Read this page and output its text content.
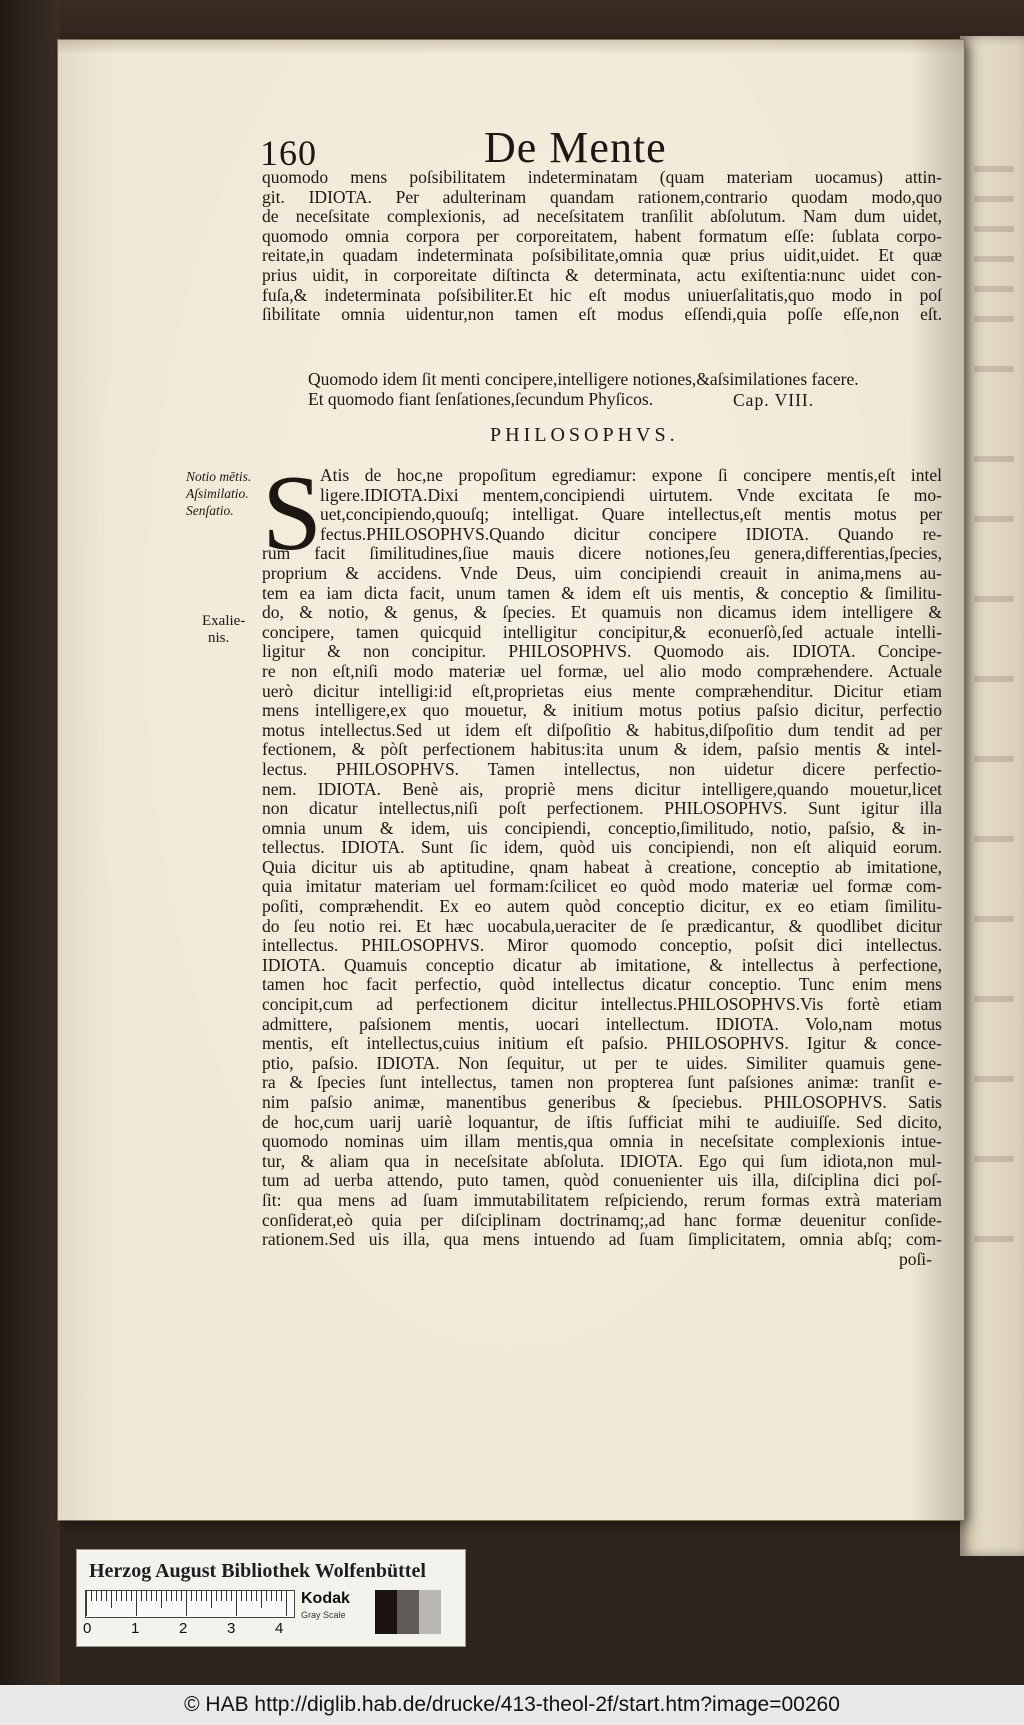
160	De Mente
quomodo mens poſsibilitatem indeterminatam (quam materiam uocamus) attin-
git. IDIOTA. Per adulterinam quandam rationem,contrario quodam modo,quo
de neceſsitate complexionis, ad neceſsitatem tranſilit abſolutum. Nam dum uidet,
quomodo omnia corpora per corporeitatem, habent formatum eſſe: ſublata corpo-
reitate,in quadam indeterminata poſsibilitate,omnia quæ prius uidit,uidet. Et quæ
prius uidit, in corporeitate diſtincta & determinata, actu exiſtentia:nunc uidet con-
fuſa,& indeterminata poſsibiliter.Et hic eſt modus uniuerſalitatis,quo modo in poſ
ſibilitate omnia uidentur,non tamen eſt modus eſſendi,quia poſſe eſſe,non eſt.
Quomodo idem ſit menti concipere,intelligere notiones,&aſsimilationes facere.
Et quomodo fiant ſenſationes,ſecundum Phyſicos.	Cap. VIII.
PHILOSOPHVS.
Notio mētis.
Aſsimilatio.
Senſatio.
Exalie-
nis.
S
Atis de hoc,ne propoſitum egrediamur: expone ſi concipere mentis,eſt intel
ligere.IDIOTA.Dixi mentem,concipiendi uirtutem. Vnde excitata ſe mo-
uet,concipiendo,quouſq; intelligat. Quare intellectus,eſt mentis motus per
fectus.PHILOSOPHVS.Quando dicitur concipere IDIOTA. Quando re-
rum facit ſimilitudines,ſiue mauis dicere notiones,ſeu genera,differentias,ſpecies,
proprium & accidens. Vnde Deus, uim concipiendi creauit in anima,mens au-
tem ea iam dicta facit, unum tamen & idem eſt uis mentis, & conceptio & ſimilitu-
do, & notio, & genus, & ſpecies. Et quamuis non dicamus idem intelligere &
concipere, tamen quicquid intelligitur concipitur,& econuerſò,ſed actuale intelli-
ligitur & non concipitur. PHILOSOPHVS. Quomodo ais. IDIOTA. Concipe-
re non eſt,niſi modo materiæ uel formæ, uel alio modo compræhendere. Actuale
uerò dicitur intelligi:id eſt,proprietas eius mente compræhenditur. Dicitur etiam
mens intelligere,ex quo mouetur, & initium motus potius paſsio dicitur, perfectio
motus intellectus.Sed ut idem eſt diſpoſitio & habitus,diſpoſitio dum tendit ad per
fectionem, & pòſt perfectionem habitus:ita unum & idem, paſsio mentis & intel-
lectus. PHILOSOPHVS. Tamen intellectus, non uidetur dicere perfectio-
nem. IDIOTA. Benè ais, propriè mens dicitur intelligere,quando mouetur,licet
non dicatur intellectus,niſi poſt perfectionem. PHILOSOPHVS. Sunt igitur illa
omnia unum & idem, uis concipiendi, conceptio,ſimilitudo, notio, paſsio, & in-
tellectus. IDIOTA. Sunt ſic idem, quòd uis concipiendi, non eſt aliquid eorum.
Quia dicitur uis ab aptitudine, qnam habeat à creatione, conceptio ab imitatione,
quia imitatur materiam uel formam:ſcilicet eo quòd modo materiæ uel formæ com-
poſiti, compræhendit. Ex eo autem quòd conceptio dicitur, ex eo etiam ſimilitu-
do ſeu notio rei. Et hæc uocabula,ueraciter de ſe prædicantur, & quodlibet dicitur
intellectus. PHILOSOPHVS. Miror quomodo conceptio, poſsit dici intellectus.
IDIOTA. Quamuis conceptio dicatur ab imitatione, & intellectus à perfectione,
tamen hoc facit perfectio, quòd intellectus dicatur conceptio. Tunc enim mens
concipit,cum ad perfectionem dicitur intellectus.PHILOSOPHVS.Vis fortè etiam
admittere, paſsionem mentis, uocari intellectum. IDIOTA. Volo,nam motus
mentis, eſt intellectus,cuius initium eſt paſsio. PHILOSOPHVS. Igitur & conce-
ptio, paſsio. IDIOTA. Non ſequitur, ut per te uides. Similiter quamuis gene-
ra & ſpecies ſunt intellectus, tamen non propterea ſunt paſsiones animæ: tranſit e-
nim paſsio animæ, manentibus generibus & ſpeciebus. PHILOSOPHVS. Satis
de hoc,cum uarij uariè loquantur, de iſtis ſufficiat mihi te audiuiſſe. Sed dicito,
quomodo nominas uim illam mentis,qua omnia in neceſsitate complexionis intue-
tur, & aliam qua in neceſsitate abſoluta. IDIOTA. Ego qui ſum idiota,non mul-
tum ad uerba attendo, puto tamen, quòd conuenienter uis illa, diſciplina dici poſ-
ſit: qua mens ad ſuam immutabilitatem reſpiciendo, rerum formas extrà materiam
conſiderat,eò quia per diſciplinam doctrinamq;,ad hanc formæ deuenitur conſide-
rationem.Sed uis illa, qua mens intuendo ad ſuam ſimplicitatem, omnia abſq; com-
poſi-
Herzog August Bibliothek Wolfenbüttel
0	1	2	3	4
Kodak
Gray Scale
© HAB http://diglib.hab.de/drucke/413-theol-2f/start.htm?image=00260
